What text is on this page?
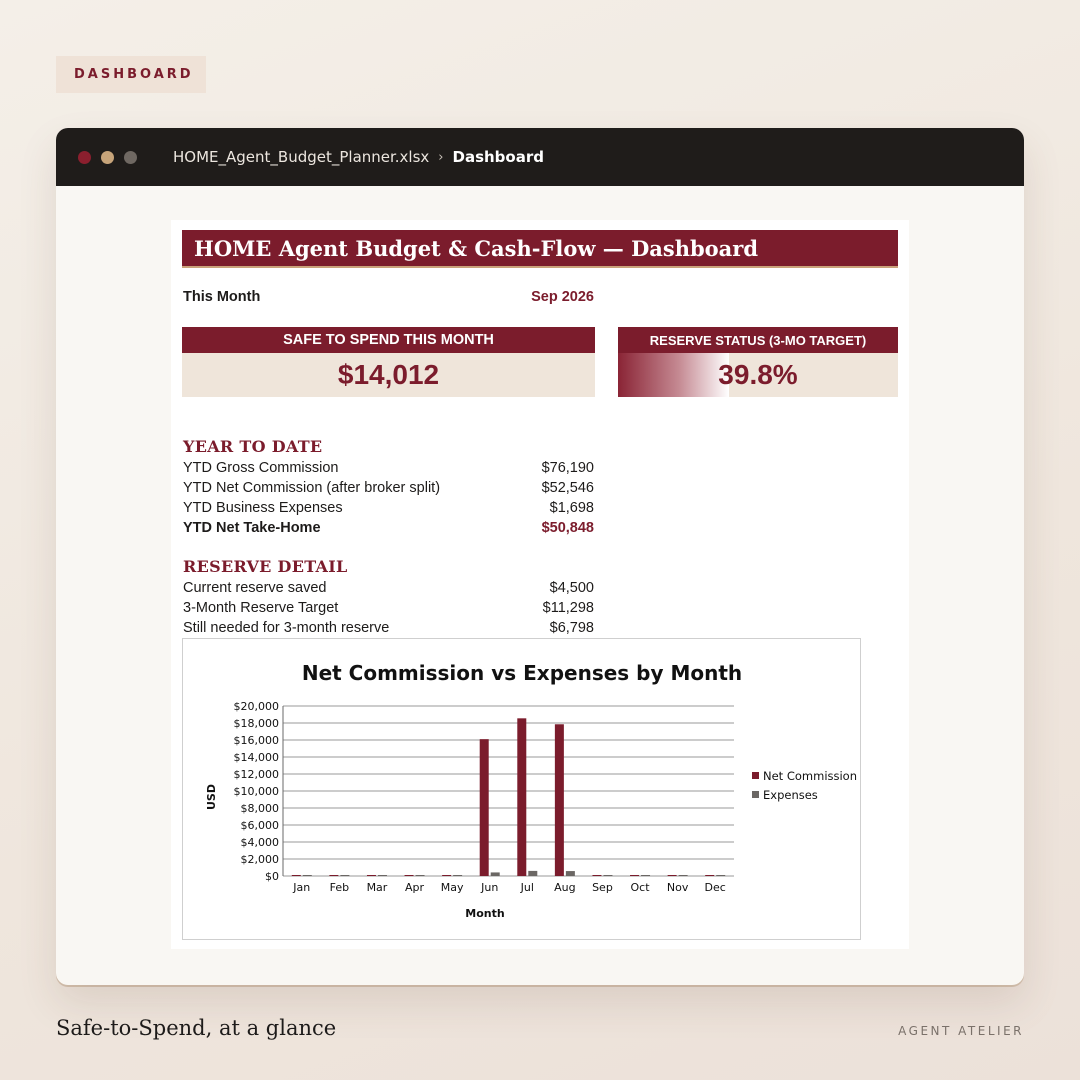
DASHBOARD
HOME_Agent_Budget_Planner.xlsx › Dashboard
HOME Agent Budget & Cash-Flow — Dashboard
This Month	Sep 2026
SAFE TO SPEND THIS MONTH
$14,012
RESERVE STATUS (3-MO TARGET)
39.8%
YEAR TO DATE
YTD Gross Commission	$76,190
YTD Net Commission (after broker split)	$52,546
YTD Business Expenses	$1,698
YTD Net Take-Home	$50,848
RESERVE DETAIL
Current reserve saved	$4,500
3-Month Reserve Target	$11,298
Still needed for 3-month reserve	$6,798
Net Commission vs Expenses by Month
$0
$2,000
$4,000
$6,000
$8,000
$10,000
$12,000
$14,000
$16,000
$18,000
$20,000
Jan Feb Mar Apr May Jun Jul Aug Sep Oct Nov Dec
Month
USD
Net Commission
Expenses
Safe-to-Spend, at a glance	AGENT ATELIER
